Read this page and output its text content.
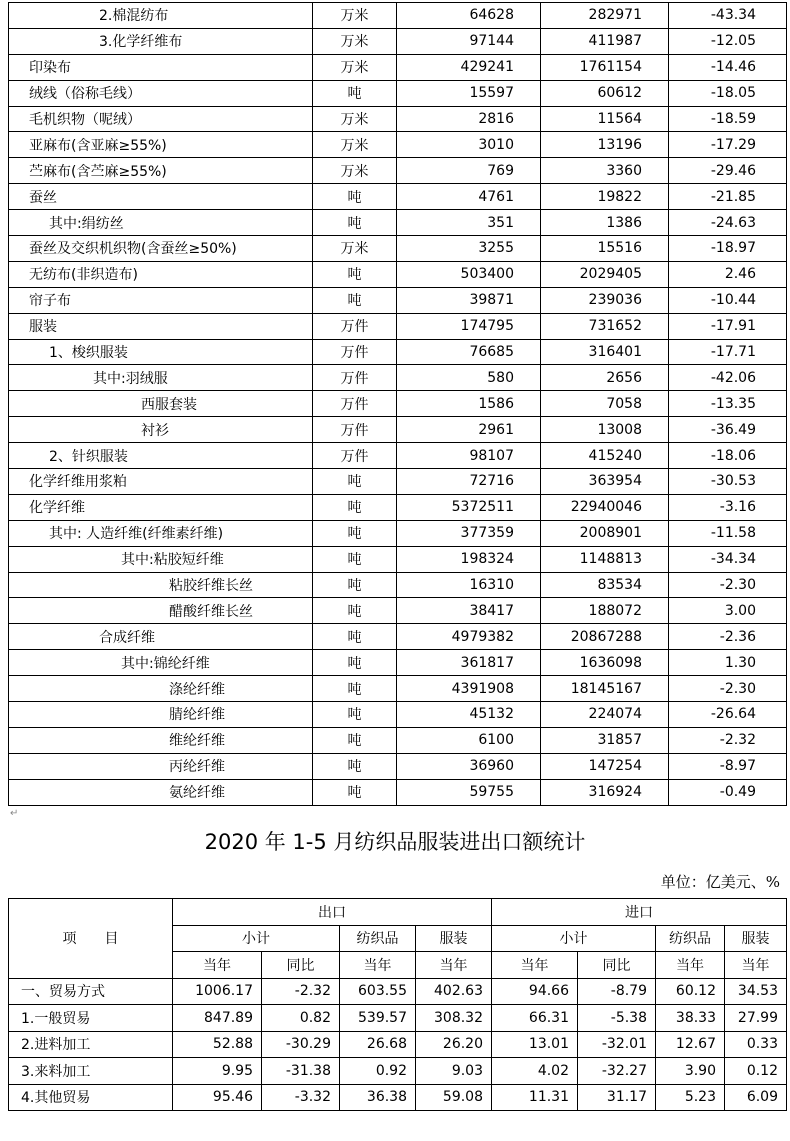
2.棉混纺布	万米	64628	282971	-43.34
3.化学纤维布	万米	97144	411987	-12.05
印染布	万米	429241	1761154	-14.46
绒线（俗称毛线）	吨	15597	60612	-18.05
毛机织物（呢绒）	万米	2816	11564	-18.59
亚麻布(含亚麻≥55%)	万米	3010	13196	-17.29
苎麻布(含苎麻≥55%)	万米	769	3360	-29.46
蚕丝	吨	4761	19822	-21.85
其中:绢纺丝	吨	351	1386	-24.63
蚕丝及交织机织物(含蚕丝≥50%)	万米	3255	15516	-18.97
无纺布(非织造布)	吨	503400	2029405	2.46
帘子布	吨	39871	239036	-10.44
服装	万件	174795	731652	-17.91
1、梭织服装	万件	76685	316401	-17.71
其中:羽绒服	万件	580	2656	-42.06
西服套装	万件	1586	7058	-13.35
衬衫	万件	2961	13008	-36.49
2、针织服装	万件	98107	415240	-18.06
化学纤维用浆粕	吨	72716	363954	-30.53
化学纤维	吨	5372511	22940046	-3.16
其中: 人造纤维(纤维素纤维)	吨	377359	2008901	-11.58
其中:粘胶短纤维	吨	198324	1148813	-34.34
粘胶纤维长丝	吨	16310	83534	-2.30
醋酸纤维长丝	吨	38417	188072	3.00
合成纤维	吨	4979382	20867288	-2.36
其中:锦纶纤维	吨	361817	1636098	1.30
涤纶纤维	吨	4391908	18145167	-2.30
腈纶纤维	吨	45132	224074	-26.64
维纶纤维	吨	6100	31857	-2.32
丙纶纤维	吨	36960	147254	-8.97
氨纶纤维	吨	59755	316924	-0.49
↵
2020 年 1-5 月纺织品服装进出口额统计
单位：亿美元、%
项　　目	出口				进口			
	小计		纺织品	服装	小计		纺织品	服装
	当年	同比	当年	当年	当年	同比	当年	当年
一、贸易方式	1006.17	-2.32	603.55	402.63	94.66	-8.79	60.12	34.53
1.一般贸易	847.89	0.82	539.57	308.32	66.31	-5.38	38.33	27.99
2.进料加工	52.88	-30.29	26.68	26.20	13.01	-32.01	12.67	0.33
3.来料加工	9.95	-31.38	0.92	9.03	4.02	-32.27	3.90	0.12
4.其他贸易	95.46	-3.32	36.38	59.08	11.31	31.17	5.23	6.09
